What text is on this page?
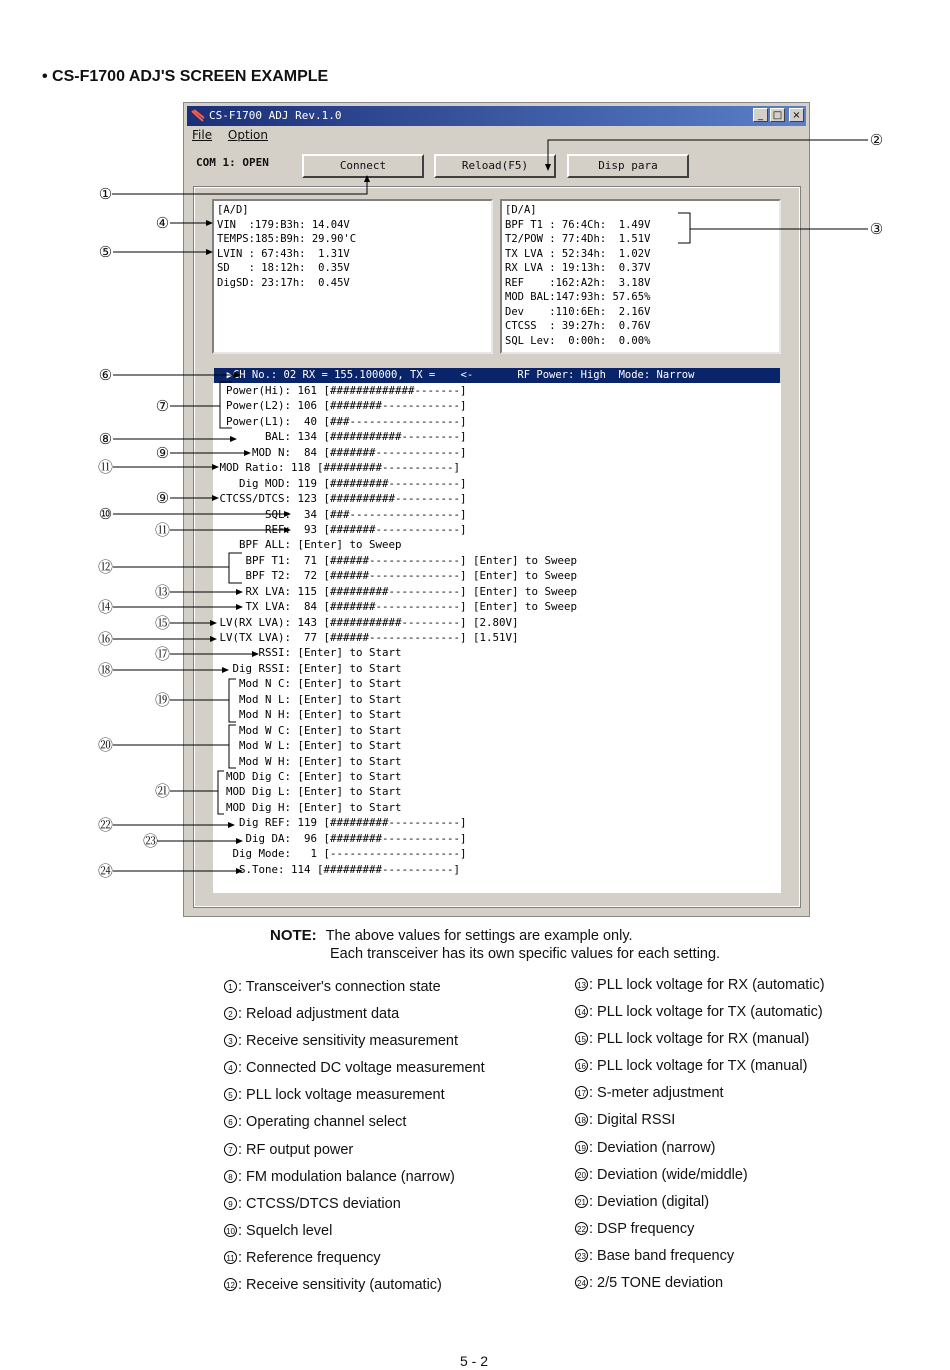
• CS-F1700 ADJ'S SCREEN EXAMPLE
CS-F1700 ADJ Rev.1.0	_ □	×
File Option
COM 1: OPEN	Connect	Reload(F5)	Disp para
[A/D]
VIN  :179:B3h: 14.04V
TEMPS:185:B9h: 29.90'C
LVIN : 67:43h:  1.31V
SD   : 18:12h:  0.35V
DigSD: 23:17h:  0.45V
[D/A]
BPF T1 : 76:4Ch:  1.49V
T2/POW : 77:4Dh:  1.51V
TX LVA : 52:34h:  1.02V
RX LVA : 19:13h:  0.37V
REF    :162:A2h:  3.18V
MOD BAL:147:93h: 57.65%
Dev    :110:6Eh:  2.16V
CTCSS  : 39:27h:  0.76V
SQL Lev:  0:00h:  0.00%
▶CH No.: 02 RX = 155.100000, TX =    <-       RF Power: High  Mode: Narrow
Power(Hi): 161 [#############-------]
Power(L2): 106 [########------------]
Power(L1):  40 [###-----------------]
BAL: 134 [###########---------]
MOD N:  84 [#######-------------]
MOD Ratio: 118 [#########-----------]
Dig MOD: 119 [#########-----------]
CTCSS/DTCS: 123 [##########----------]
SQL:  34 [###-----------------]
REF:  93 [#######-------------]
BPF ALL: [Enter] to Sweep
BPF T1:  71 [######--------------] [Enter] to Sweep
BPF T2:  72 [######--------------] [Enter] to Sweep
RX LVA: 115 [#########-----------] [Enter] to Sweep
TX LVA:  84 [#######-------------] [Enter] to Sweep
LV(RX LVA): 143 [###########---------] [2.80V]
LV(TX LVA):  77 [######--------------] [1.51V]
RSSI: [Enter] to Start
Dig RSSI: [Enter] to Start
Mod N C: [Enter] to Start
Mod N L: [Enter] to Start
Mod N H: [Enter] to Start
Mod W C: [Enter] to Start
Mod W L: [Enter] to Start
Mod W H: [Enter] to Start
MOD Dig C: [Enter] to Start
MOD Dig L: [Enter] to Start
MOD Dig H: [Enter] to Start
Dig REF: 119 [#########-----------]
Dig DA:  96 [########------------]
Dig Mode:   1 [--------------------]
S.Tone: 114 [#########-----------]
①
②
③
④
⑤
⑥
⑦
⑧
⑨
⑪
⑨
⑩
⑪
⑫
⑬
⑭
⑮
⑯
⑰
⑱
⑲
⑳
㉑
㉒
㉓
㉔
NOTE: The above values for settings are example only.
Each transceiver has its own specific values for each setting.
1 : Transceiver's connection state
2 : Reload adjustment data
3 : Receive sensitivity measurement
4 : Connected DC voltage measurement
5 : PLL lock voltage measurement
6 : Operating channel select
7 : RF output power
8 : FM modulation balance (narrow)
9 : CTCSS/DTCS deviation
10 : Squelch level
11 : Reference frequency
12 : Receive sensitivity (automatic)
13 : PLL lock voltage for RX (automatic)
14 : PLL lock voltage for TX (automatic)
15 : PLL lock voltage for RX (manual)
16 : PLL lock voltage for TX (manual)
17 : S-meter adjustment
18 : Digital RSSI
19 : Deviation (narrow)
20 : Deviation (wide/middle)
21 : Deviation (digital)
22 : DSP frequency
23 : Base band frequency
24 : 2/5 TONE deviation
5 - 2
